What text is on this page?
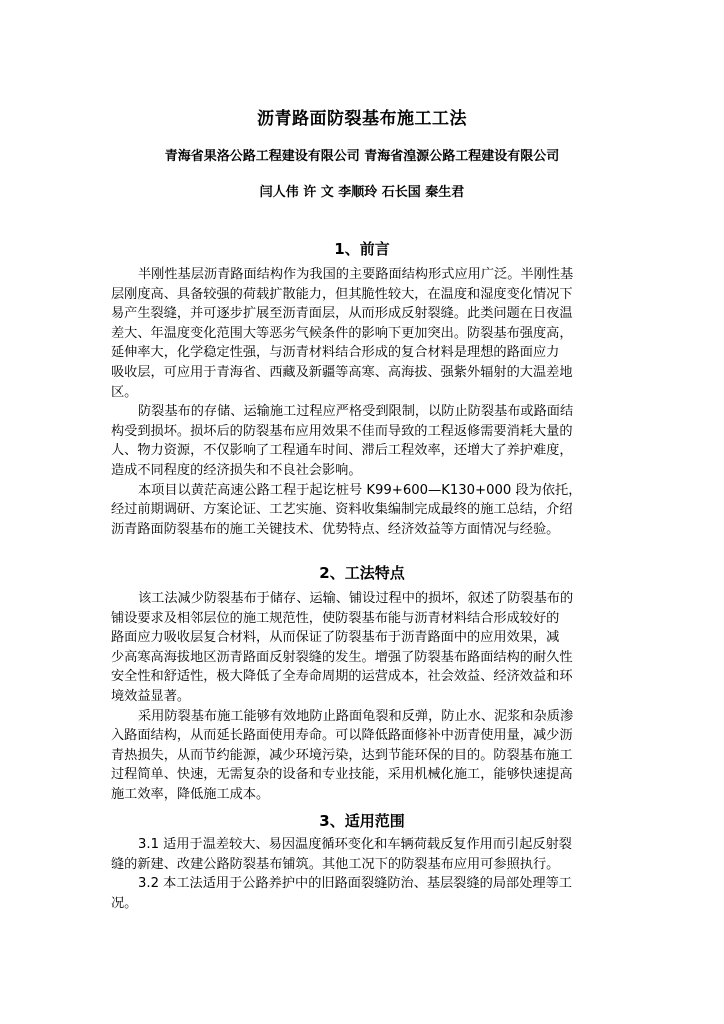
沥青路面防裂基布施工工法
青海省果洛公路工程建设有限公司 青海省湟源公路工程建设有限公司
闫人伟 许 文 李顺玲 石长国 秦生君
1、前言
半刚性基层沥青路面结构作为我国的主要路面结构形式应用广泛。半刚性基
层刚度高、具备较强的荷载扩散能力，但其脆性较大，在温度和湿度变化情况下
易产生裂缝，并可逐步扩展至沥青面层，从而形成反射裂缝。此类问题在日夜温
差大、年温度变化范围大等恶劣气候条件的影响下更加突出。防裂基布强度高，
延伸率大，化学稳定性强，与沥青材料结合形成的复合材料是理想的路面应力
吸收层，可应用于青海省、西藏及新疆等高寒、高海拔、强紫外辐射的大温差地
区。
防裂基布的存储、运输施工过程应严格受到限制，以防止防裂基布或路面结
构受到损坏。损坏后的防裂基布应用效果不佳而导致的工程返修需要消耗大量的
人、物力资源，不仅影响了工程通车时间、滞后工程效率，还增大了养护难度，
造成不同程度的经济损失和不良社会影响。
本项目以黄茫高速公路工程于起讫桩号 K99+600—K130+000 段为依托，
经过前期调研、方案论证、工艺实施、资料收集编制完成最终的施工总结，介绍
沥青路面防裂基布的施工关键技术、优势特点、经济效益等方面情况与经验。
2、工法特点
该工法减少防裂基布于储存、运输、铺设过程中的损坏，叙述了防裂基布的
铺设要求及相邻层位的施工规范性，使防裂基布能与沥青材料结合形成较好的
路面应力吸收层复合材料，从而保证了防裂基布于沥青路面中的应用效果，减
少高寒高海拔地区沥青路面反射裂缝的发生。增强了防裂基布路面结构的耐久性
安全性和舒适性，极大降低了全寿命周期的运营成本，社会效益、经济效益和环
境效益显著。
采用防裂基布施工能够有效地防止路面龟裂和反弹，防止水、泥浆和杂质渗
入路面结构，从而延长路面使用寿命。可以降低路面修补中沥青使用量，减少沥
青热损失，从而节约能源，减少环境污染，达到节能环保的目的。防裂基布施工
过程简单、快速，无需复杂的设备和专业技能，采用机械化施工，能够快速提高
施工效率，降低施工成本。
3、适用范围
3.1 适用于温差较大、易因温度循环变化和车辆荷载反复作用而引起反射裂
缝的新建、改建公路防裂基布铺筑。其他工况下的防裂基布应用可参照执行。
3.2 本工法适用于公路养护中的旧路面裂缝防治、基层裂缝的局部处理等工
况。
